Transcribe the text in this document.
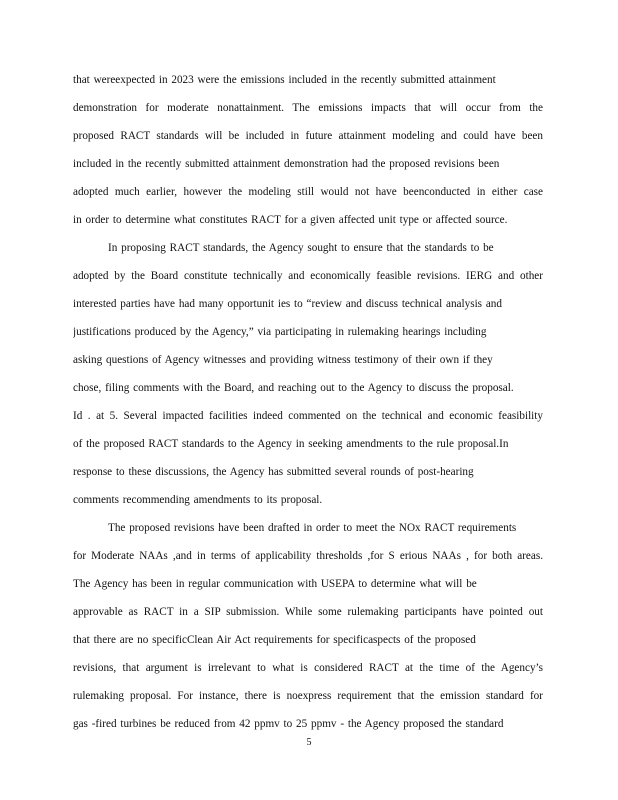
that wereexpected in 2023 were the emissions included in the recently submitted attainment
demonstration for moderate nonattainment. The emissions impacts that will occur from the
proposed RACT standards will be included in future attainment modeling and could have been
included in the recently submitted attainment demonstration had the proposed revisions been
adopted much earlier, however the modeling still would not have beenconducted in either case
in order to determine what constitutes RACT for a given affected unit type or affected source.
In proposing RACT standards, the Agency sought to ensure that the standards to be
adopted by the Board constitute technically and economically feasible revisions. IERG and other
interested parties have had many opportunit ies to “review and discuss technical analysis and
justifications produced by the Agency,” via participating in rulemaking hearings including
asking questions of Agency witnesses and providing witness testimony of their own if they
chose, filing comments with the Board, and reaching out to the Agency to discuss the proposal.
Id . at 5. Several impacted facilities indeed commented on the technical and economic feasibility
of the proposed RACT standards to the Agency in seeking amendments to the rule proposal.In
response to these discussions, the Agency has submitted several rounds of post-hearing
comments recommending amendments to its proposal.
The proposed revisions have been drafted in order to meet the NOx RACT requirements
for Moderate NAAs ,and in terms of applicability thresholds ,for S erious NAAs , for both areas.
The Agency has been in regular communication with USEPA to determine what will be
approvable as RACT in a SIP submission. While some rulemaking participants have pointed out
that there are no specificClean Air Act requirements for specificaspects of the proposed
revisions, that argument is irrelevant to what is considered RACT at the time of the Agency’s
rulemaking proposal. For instance, there is noexpress requirement that the emission standard for
gas -fired turbines be reduced from 42 ppmv to 25 ppmv - the Agency proposed the standard
5
